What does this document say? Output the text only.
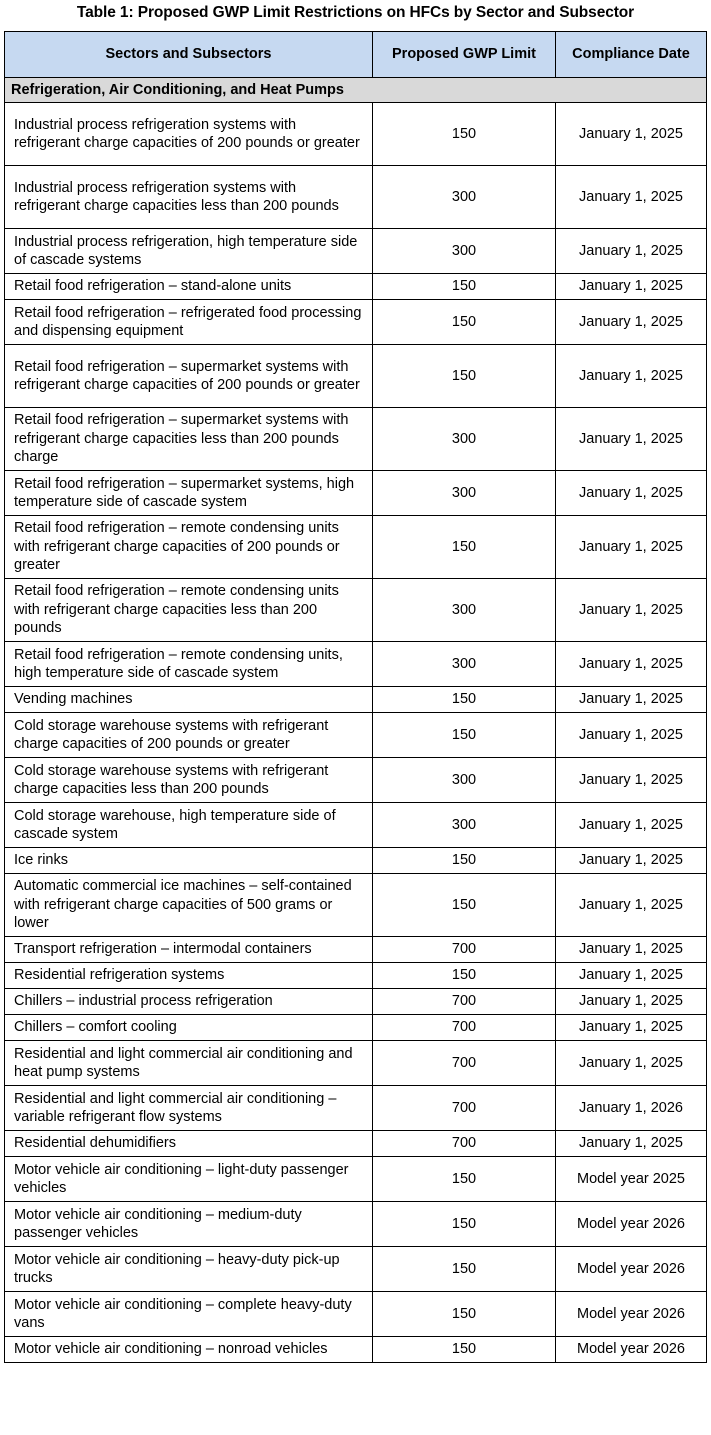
Table 1: Proposed GWP Limit Restrictions on HFCs by Sector and Subsector
Sectors and Subsectors	Proposed GWP Limit	Compliance Date
Refrigeration, Air Conditioning, and Heat Pumps		
Industrial process refrigeration systems with refrigerant charge capacities of 200 pounds or greater	150	January 1, 2025
Industrial process refrigeration systems with refrigerant charge capacities less than 200 pounds	300	January 1, 2025
Industrial process refrigeration, high temperature side of cascade systems	300	January 1, 2025
Retail food refrigeration – stand-alone units	150	January 1, 2025
Retail food refrigeration – refrigerated food processing and dispensing equipment	150	January 1, 2025
Retail food refrigeration – supermarket systems with refrigerant charge capacities of 200 pounds or greater	150	January 1, 2025
Retail food refrigeration – supermarket systems with refrigerant charge capacities less than 200 pounds charge	300	January 1, 2025
Retail food refrigeration – supermarket systems, high temperature side of cascade system	300	January 1, 2025
Retail food refrigeration – remote condensing units with refrigerant charge capacities of 200 pounds or greater	150	January 1, 2025
Retail food refrigeration – remote condensing units with refrigerant charge capacities less than 200 pounds	300	January 1, 2025
Retail food refrigeration – remote condensing units, high temperature side of cascade system	300	January 1, 2025
Vending machines	150	January 1, 2025
Cold storage warehouse systems with refrigerant charge capacities of 200 pounds or greater	150	January 1, 2025
Cold storage warehouse systems with refrigerant charge capacities less than 200 pounds	300	January 1, 2025
Cold storage warehouse, high temperature side of cascade system	300	January 1, 2025
Ice rinks	150	January 1, 2025
Automatic commercial ice machines – self-contained with refrigerant charge capacities of 500 grams or lower	150	January 1, 2025
Transport refrigeration – intermodal containers	700	January 1, 2025
Residential refrigeration systems	150	January 1, 2025
Chillers – industrial process refrigeration	700	January 1, 2025
Chillers – comfort cooling	700	January 1, 2025
Residential and light commercial air conditioning and heat pump systems	700	January 1, 2025
Residential and light commercial air conditioning – variable refrigerant flow systems	700	January 1, 2026
Residential dehumidifiers	700	January 1, 2025
Motor vehicle air conditioning – light-duty passenger vehicles	150	Model year 2025
Motor vehicle air conditioning – medium-duty passenger vehicles	150	Model year 2026
Motor vehicle air conditioning – heavy-duty pick-up trucks	150	Model year 2026
Motor vehicle air conditioning – complete heavy-duty vans	150	Model year 2026
Motor vehicle air conditioning – nonroad vehicles	150	Model year 2026
